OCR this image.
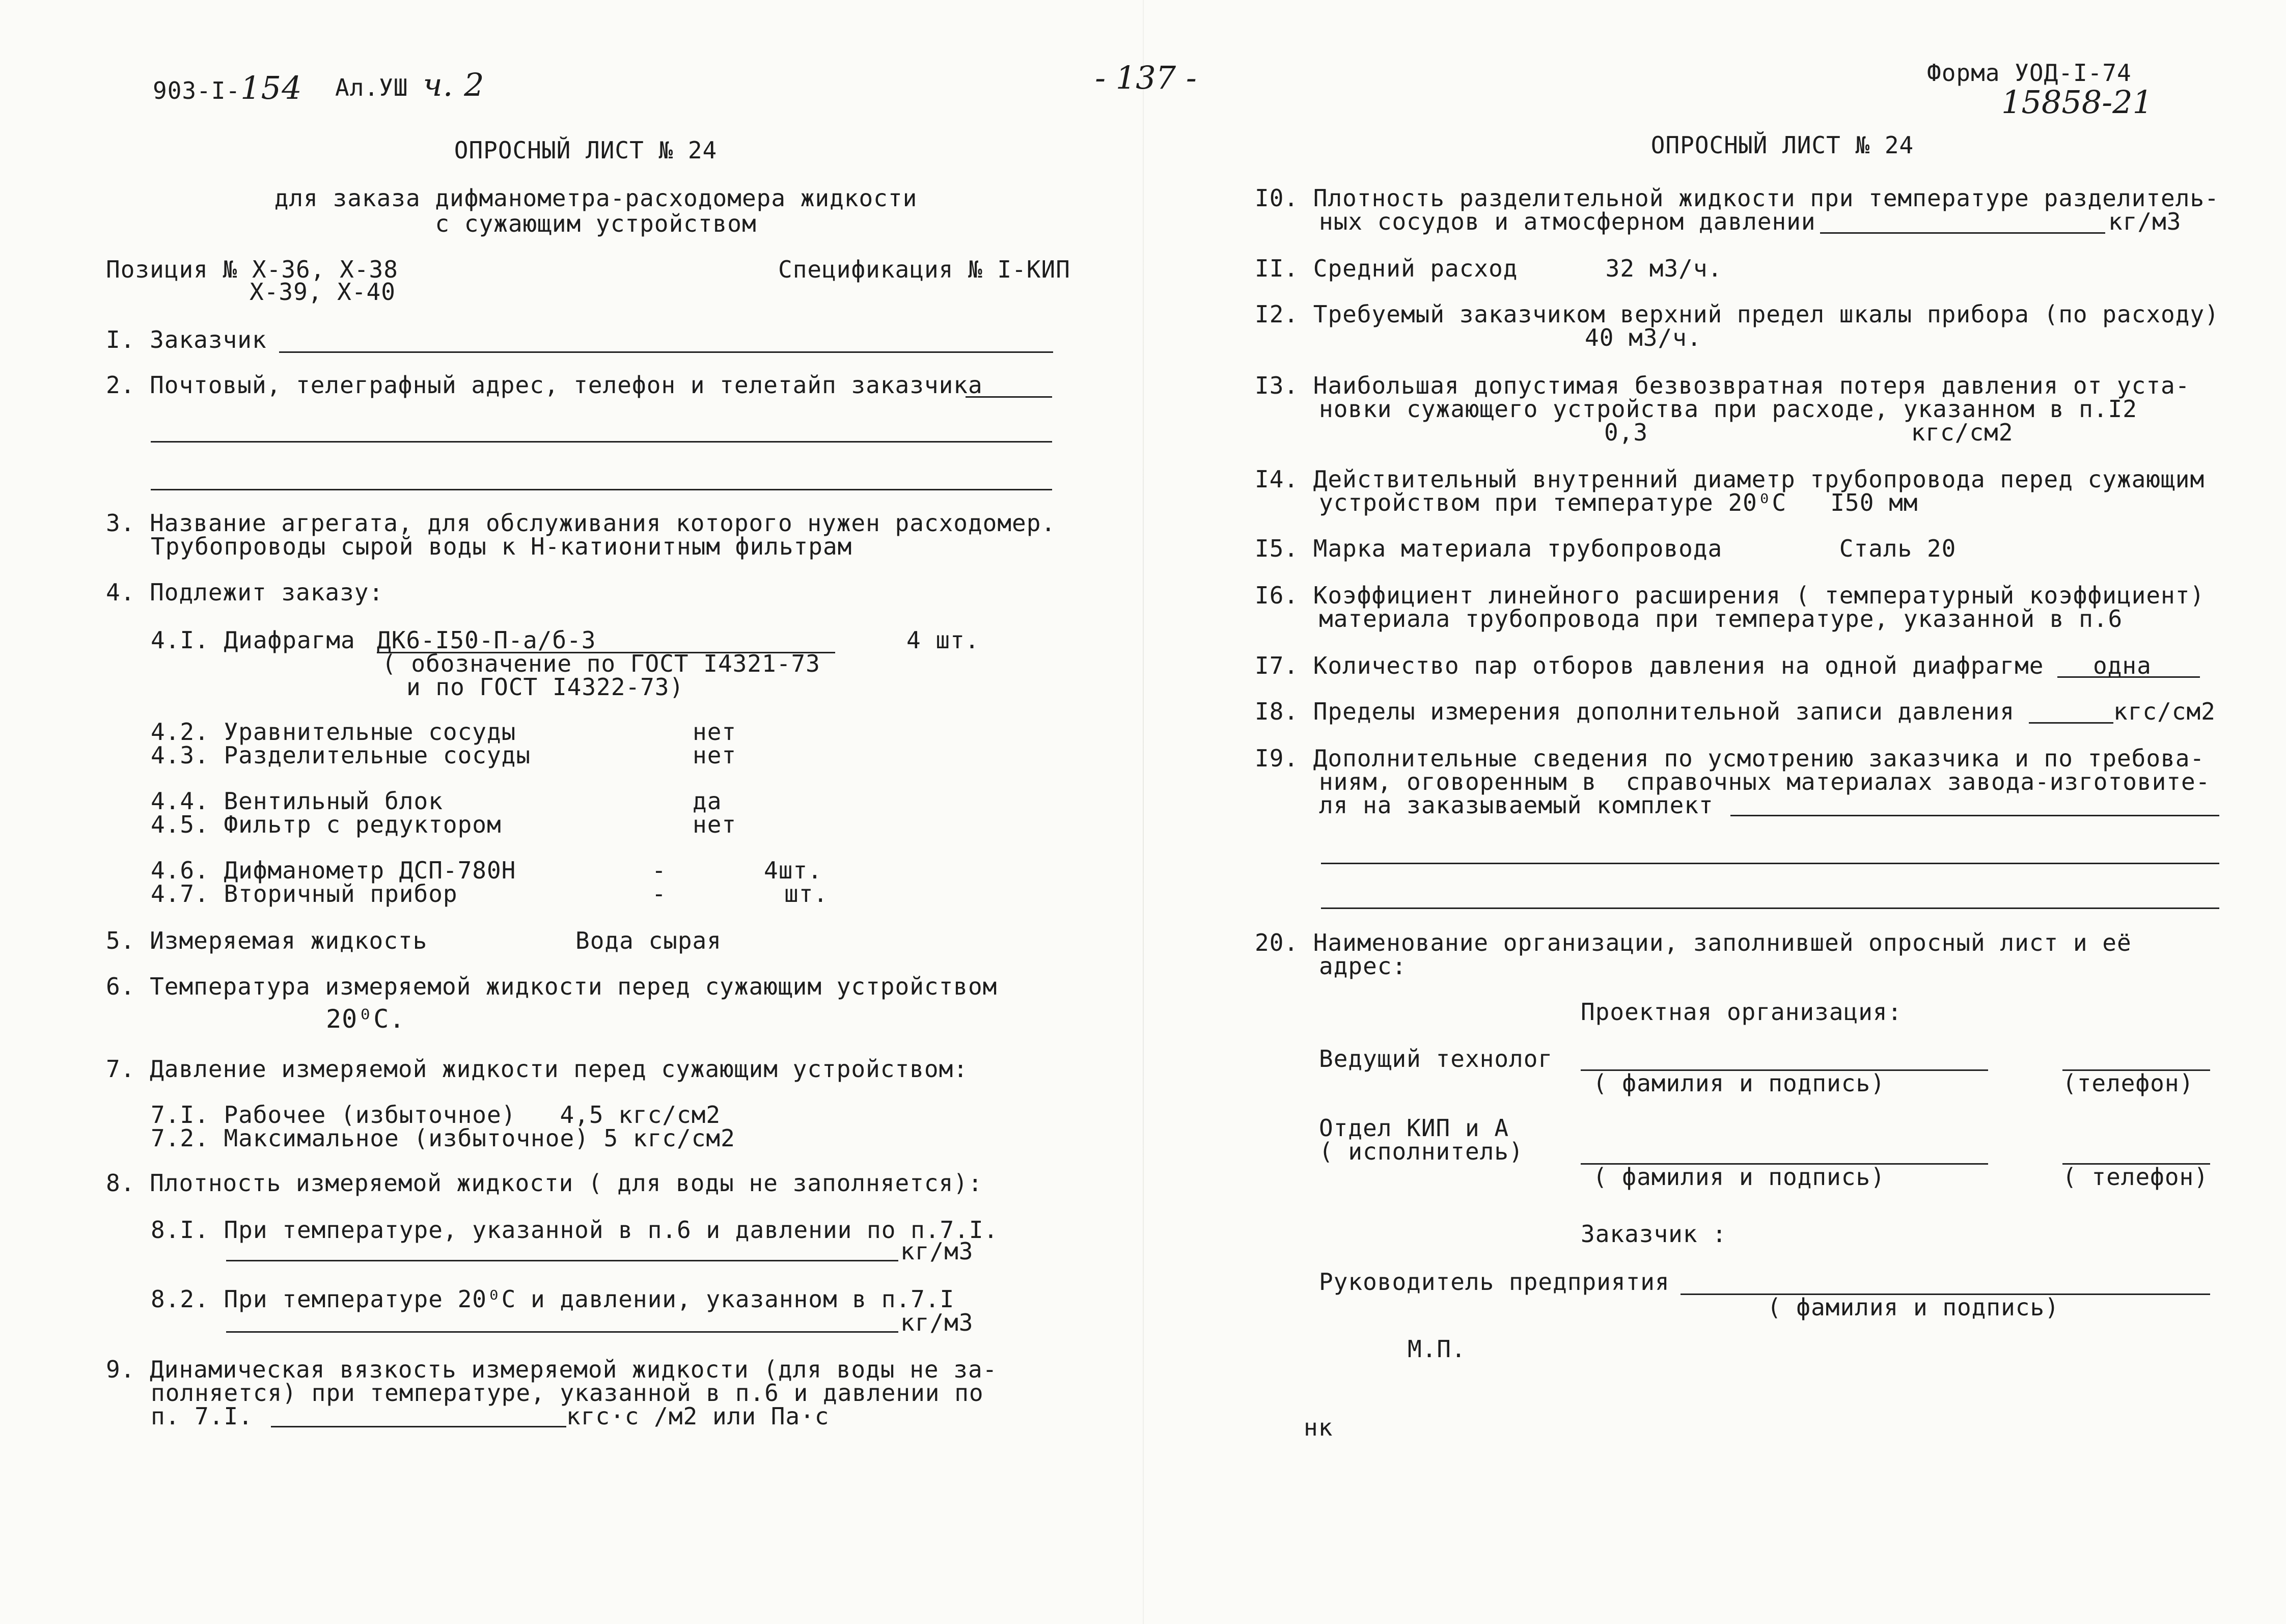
903-I-154 Ал.УШ ч. 2
ОПРОСНЫЙ ЛИСТ № 24
для заказа дифманометра-расходомера жидкости
с сужающим устройством
Позиция № Х-36, Х-38
Х-39, Х-40
Спецификация № I-КИП
I. Заказчик
2. Почтовый, телеграфный адрес, телефон и телетайп заказчика
3. Название агрегата, для обслуживания которого нужен расходомер.
Трубопроводы сырой воды к Н-катионитным фильтрам
4. Подлежит заказу:
4.I. Диафрагма ДК6-I50-П-а/б-3	4 шт.
( обозначение по ГОСТ I4321-73
и по ГОСТ I4322-73)
4.2. Уравнительные сосуды	нет
4.3. Разделительные сосуды	нет
4.4. Вентильный блок	да
4.5. Фильтр с редуктором	нет
4.6. Дифманометр ДСП-780Н	-	4шт.
4.7. Вторичный прибор	-	шт.
5. Измеряемая жидкость	Вода сырая
6. Температура измеряемой жидкости перед сужающим устройством
20⁰С.
7. Давление измеряемой жидкости перед сужающим устройством:
7.I. Рабочее (избыточное)   4,5 кгс/см2
7.2. Максимальное (избыточное) 5 кгс/см2
8. Плотность измеряемой жидкости ( для воды не заполняется):
8.I. При температуре, указанной в п.6 и давлении по п.7.I.
кг/м3
8.2. При температуре 20⁰С и давлении, указанном в п.7.I
кг/м3
9. Динамическая вязкость измеряемой жидкости (для воды не за-
полняется) при температуре, указанной в п.6 и давлении по
п. 7.I.	кгс·с /м2 или Па·с
- 137 -	Форма УОД-I-74
15858-21
ОПРОСНЫЙ ЛИСТ № 24
I0. Плотность разделительной жидкости при температуре разделитель-
ных сосудов и атмосферном давлении	кг/м3
II. Средний расход      32 м3/ч.
I2. Требуемый заказчиком верхний предел шкалы прибора (по расходу)
40 м3/ч.
I3. Наибольшая допустимая безвозвратная потеря давления от уста-
новки сужающего устройства при расходе, указанном в п.I2
0,3                  кгс/см2
I4. Действительный внутренний диаметр трубопровода перед сужающим
устройством при температуре 20⁰С   I50 мм
I5. Марка материала трубопровода        Сталь 20
I6. Коэффициент линейного расширения ( температурный коэффициент)
материала трубопровода при температуре, указанной в п.6
I7. Количество пар отборов давления на одной диафрагме одна
I8. Пределы измерения дополнительной записи давления	кгс/см2
I9. Дополнительные сведения по усмотрению заказчика и по требова-
ниям, оговоренным в  справочных материалах завода-изготовите-
ля на заказываемый комплект
20. Наименование организации, заполнившей опросный лист и её
адрес:
Проектная организация:
Ведущий технолог
( фамилия и подпись)	(телефон)
Отдел КИП и А
( исполнитель)
( фамилия и подпись)	( телефон)
Заказчик :
Руководитель предприятия
( фамилия и подпись)
М.П.
нк
